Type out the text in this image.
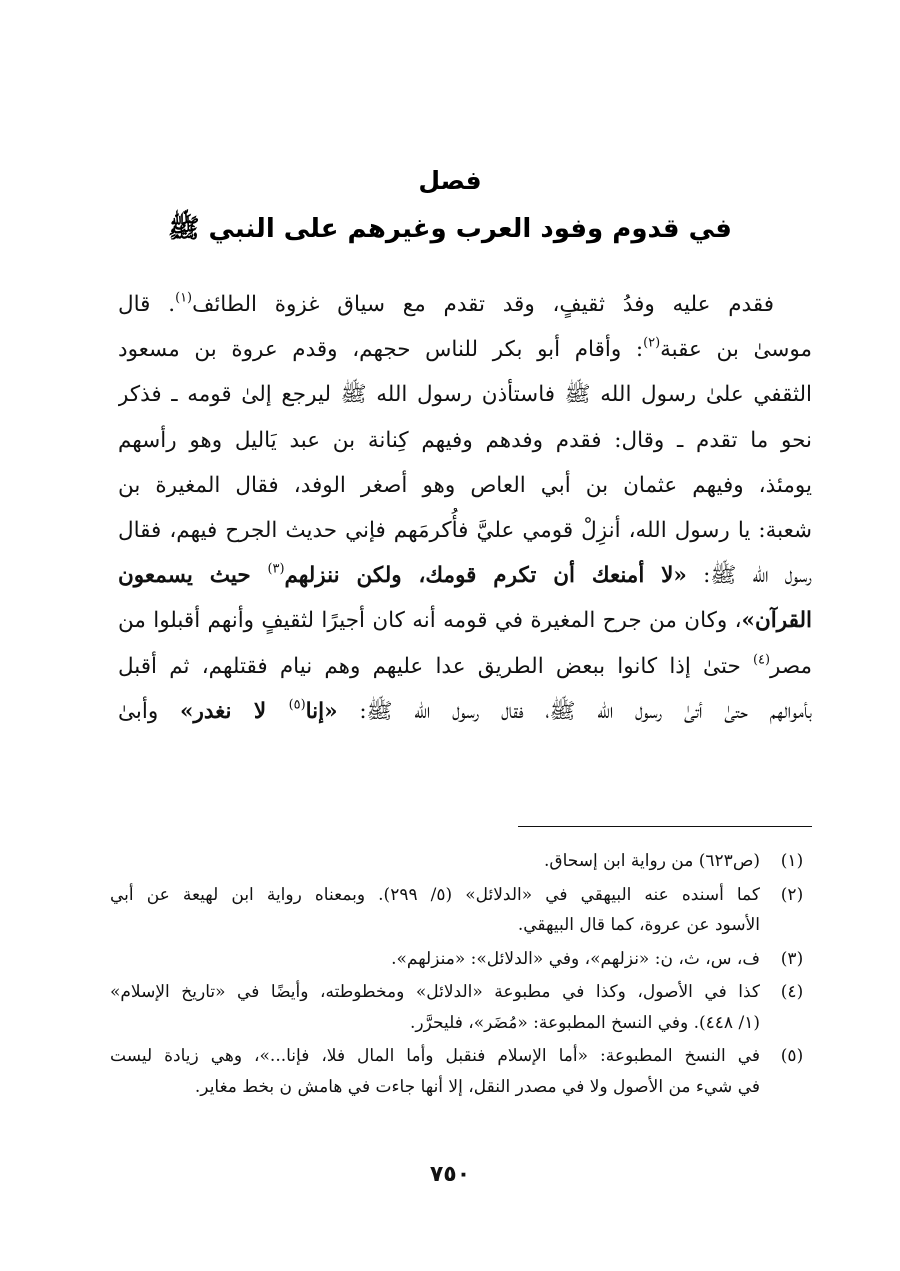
فصل
في قدوم وفود العرب وغيرهم على النبي ﷺ
فقدم عليه وفدُ ثقيفٍ، وقد تقدم مع سياق غزوة الطائف$^{(١)}$. قال
موسىٰ بن عقبة$^{(٢)}$: وأقام أبو بكر للناس حجهم، وقدم عروة بن مسعود
الثقفي علىٰ رسول الله ﷺ فاستأذن رسول الله ﷺ ليرجع إلىٰ قومه ـ فذكر
نحو ما تقدم ـ وقال: فقدم وفدهم وفيهم كِنانة بن عبد يَاليل وهو رأسهم
يومئذ، وفيهم عثمان بن أبي العاص وهو أصغر الوفد، فقال المغيرة بن
شعبة: يا رسول الله، أنزِلْ قومي عليَّ فأُكرمَهم فإني حديث الجرح فيهم، فقال
رسول الله ﷺ: «لا أمنعك أن تكرم قومك، ولكن ننزلهم$^{(٣)}$ حيث يسمعون
القرآن»، وكان من جرح المغيرة في قومه أنه كان أجيرًا لثقيفٍ وأنهم أقبلوا من
مصر$^{(٤)}$ حتىٰ إذا كانوا ببعض الطريق عدا عليهم وهم نيام فقتلهم، ثم أقبل
بأموالهم حتىٰ أتىٰ رسول الله ﷺ، فقال رسول الله ﷺ: «إنا$^{(٥)}$ لا نغدر» وأبىٰ
(١)
(ص٦٢٣) من رواية ابن إسحاق.
(٢)
كما أسنده عنه البيهقي في «الدلائل» (٥/ ٢٩٩). وبمعناه رواية ابن لهيعة عن أبي
الأسود عن عروة، كما قال البيهقي.
(٣)
ف، س، ث، ن: «نزلهم»، وفي «الدلائل»: «منزلهم».
(٤)
كذا في الأصول، وكذا في مطبوعة «الدلائل» ومخطوطته، وأيضًا في «تاريخ الإسلام»
(١/ ٤٤٨). وفي النسخ المطبوعة: «مُضَر»، فليحرَّر.
(٥)
في النسخ المطبوعة: «أما الإسلام فنقبل وأما المال فلا، فإنا...»، وهي زيادة ليست
في شيء من الأصول ولا في مصدر النقل، إلا أنها جاءت في هامش ن بخط مغاير.
٧٥٠
